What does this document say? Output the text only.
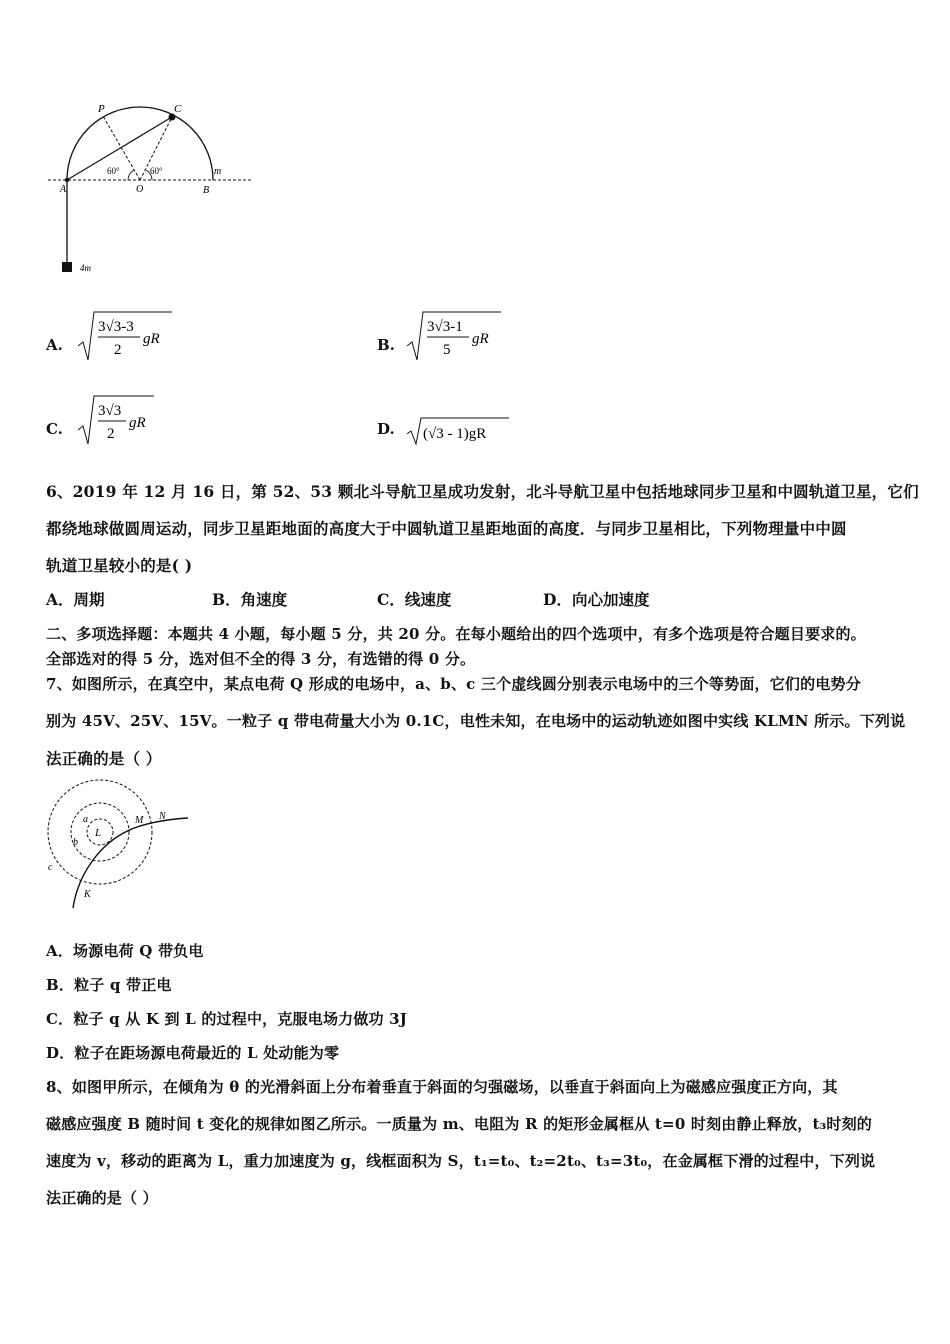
P	C
A	O	B
m
4m
60°	60°
A.
3√3-3
2
gR	B.
3√3-1
5
gR
C.
3√3
2
gR	D. (√3 - 1)gR
6、2019 年 12 月 16 日，第 52、53 颗北斗导航卫星成功发射，北斗导航卫星中包括地球同步卫星和中圆轨道卫星，它们
都绕地球做圆周运动，同步卫星距地面的高度大于中圆轨道卫星距地面的高度．与同步卫星相比，下列物理量中中圆
轨道卫星较小的是( )
A．周期	B．角速度	C．线速度	D．向心加速度
二、多项选择题：本题共 4 小题，每小题 5 分，共 20 分。在每小题给出的四个选项中，有多个选项是符合题目要求的。
全部选对的得 5 分，选对但不全的得 3 分，有选错的得 0 分。
7、如图所示，在真空中，某点电荷 Q 形成的电场中，a、b、c 三个虚线圆分别表示电场中的三个等势面，它们的电势分
别为 45V、25V、15V。一粒子 q 带电荷量大小为 0.1C，电性未知，在电场中的运动轨迹如图中实线 KLMN 所示。下列说
法正确的是（ ）
L
a
b
c
M N
K
A．场源电荷 Q 带负电
B．粒子 q 带正电
C．粒子 q 从 K 到 L 的过程中，克服电场力做功 3J
D．粒子在距场源电荷最近的 L 处动能为零
8、如图甲所示，在倾角为 θ 的光滑斜面上分布着垂直于斜面的匀强磁场，以垂直于斜面向上为磁感应强度正方向，其
磁感应强度 B 随时间 t 变化的规律如图乙所示。一质量为 m、电阻为 R 的矩形金属框从 t=0 时刻由静止释放，t₃时刻的
速度为 v，移动的距离为 L，重力加速度为 g，线框面积为 S，t₁=t₀、t₂=2t₀、t₃=3t₀，在金属框下滑的过程中，下列说
法正确的是（ ）
